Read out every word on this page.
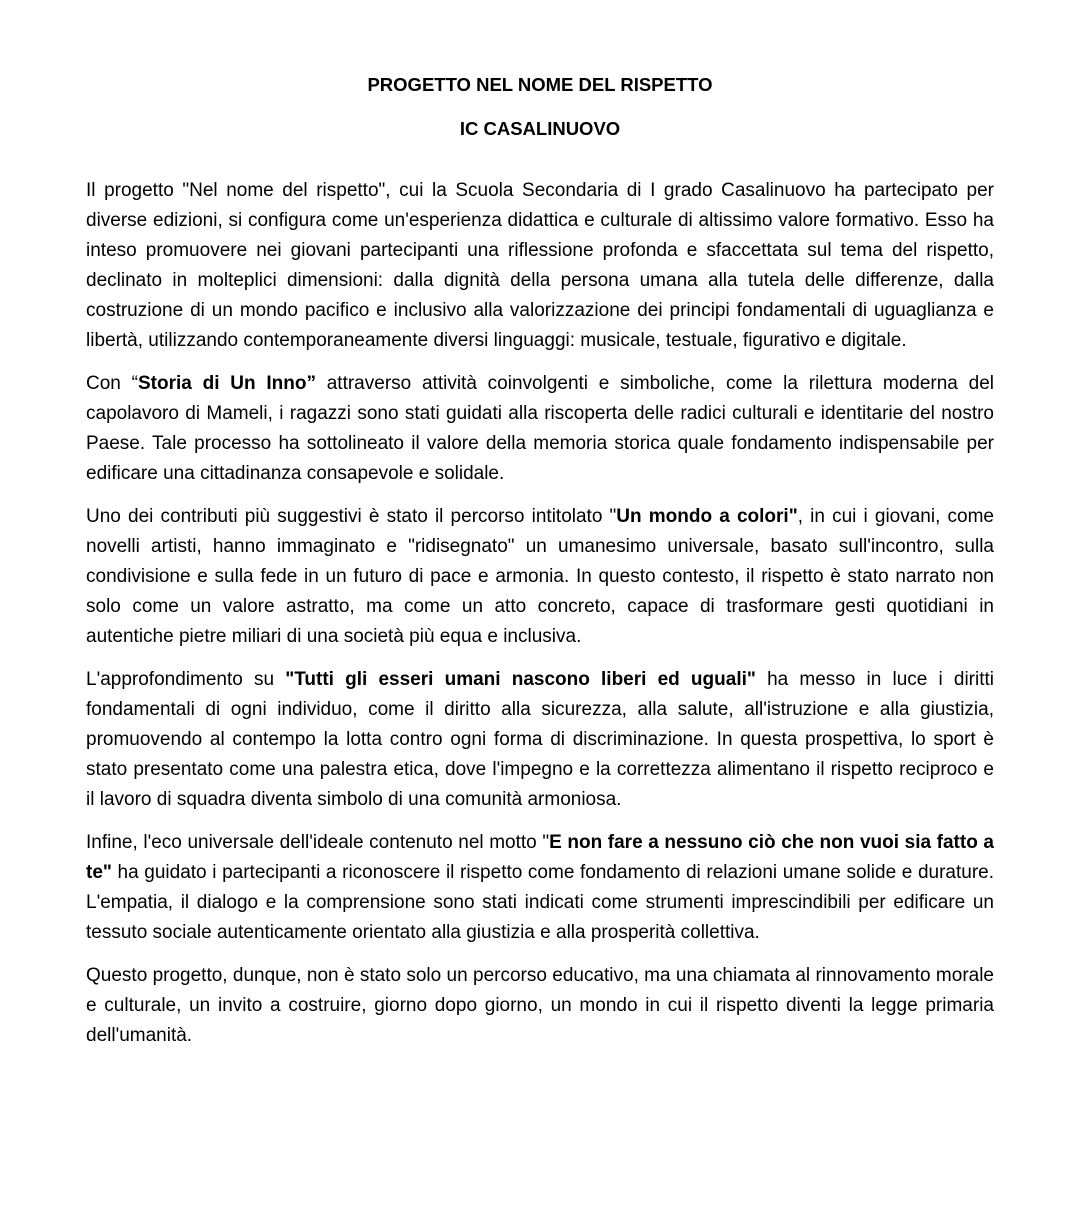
PROGETTO NEL NOME DEL RISPETTO
IC CASALINUOVO

Il progetto "Nel nome del rispetto", cui la Scuola Secondaria di I grado Casalinuovo ha partecipato per diverse edizioni, si configura come un'esperienza didattica e culturale di altissimo valore formativo. Esso ha inteso promuovere nei giovani partecipanti una riflessione profonda e sfaccettata sul tema del rispetto, declinato in molteplici dimensioni: dalla dignità della persona umana alla tutela delle differenze, dalla costruzione di un mondo pacifico e inclusivo alla valorizzazione dei principi fondamentali di uguaglianza e libertà, utilizzando contemporaneamente diversi linguaggi: musicale, testuale, figurativo e digitale.

Con “Storia di Un Inno” attraverso attività coinvolgenti e simboliche, come la rilettura moderna del capolavoro di Mameli, i ragazzi sono stati guidati alla riscoperta delle radici culturali e identitarie del nostro Paese. Tale processo ha sottolineato il valore della memoria storica quale fondamento indispensabile per edificare una cittadinanza consapevole e solidale.

Uno dei contributi più suggestivi è stato il percorso intitolato "Un mondo a colori", in cui i giovani, come novelli artisti, hanno immaginato e "ridisegnato" un umanesimo universale, basato sull'incontro, sulla condivisione e sulla fede in un futuro di pace e armonia. In questo contesto, il rispetto è stato narrato non solo come un valore astratto, ma come un atto concreto, capace di trasformare gesti quotidiani in autentiche pietre miliari di una società più equa e inclusiva.

L'approfondimento su "Tutti gli esseri umani nascono liberi ed uguali" ha messo in luce i diritti fondamentali di ogni individuo, come il diritto alla sicurezza, alla salute, all'istruzione e alla giustizia, promuovendo al contempo la lotta contro ogni forma di discriminazione. In questa prospettiva, lo sport è stato presentato come una palestra etica, dove l'impegno e la correttezza alimentano il rispetto reciproco e il lavoro di squadra diventa simbolo di una comunità armoniosa.

Infine, l'eco universale dell'ideale contenuto nel motto "E non fare a nessuno ciò che non vuoi sia fatto a te" ha guidato i partecipanti a riconoscere il rispetto come fondamento di relazioni umane solide e durature. L'empatia, il dialogo e la comprensione sono stati indicati come strumenti imprescindibili per edificare un tessuto sociale autenticamente orientato alla giustizia e alla prosperità collettiva.

Questo progetto, dunque, non è stato solo un percorso educativo, ma una chiamata al rinnovamento morale e culturale, un invito a costruire, giorno dopo giorno, un mondo in cui il rispetto diventi la legge primaria dell'umanità.
